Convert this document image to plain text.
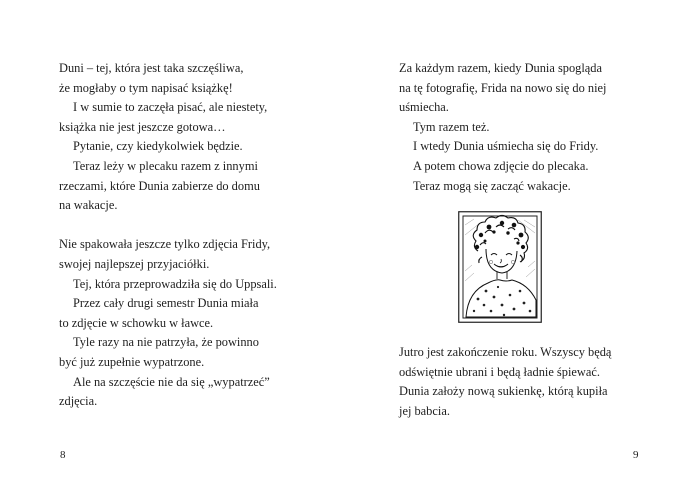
Duni – tej, która jest taka szczęśliwa,
że mogłaby o tym napisać książkę!
I w sumie to zaczęła pisać, ale niestety,
książka nie jest jeszcze gotowa…
Pytanie, czy kiedykolwiek będzie.
Teraz leży w plecaku razem z innymi
rzeczami, które Dunia zabierze do domu
na wakacje.
Nie spakowała jeszcze tylko zdjęcia Fridy,
swojej najlepszej przyjaciółki.
Tej, która przeprowadziła się do Uppsali.
Przez cały drugi semestr Dunia miała
to zdjęcie w schowku w ławce.
Tyle razy na nie patrzyła, że powinno
być już zupełnie wypatrzone.
Ale na szczęście nie da się „wypatrzeć”
zdjęcia.
8
Za każdym razem, kiedy Dunia spogląda
na tę fotografię, Frida na nowo się do niej
uśmiecha.
Tym razem też.
I wtedy Dunia uśmiecha się do Fridy.
A potem chowa zdjęcie do plecaka.
Teraz mogą się zacząć wakacje.
Jutro jest zakończenie roku. Wszyscy będą
odświętnie ubrani i będą ładnie śpiewać.
Dunia założy nową sukienkę, którą kupiła
jej babcia.
9
